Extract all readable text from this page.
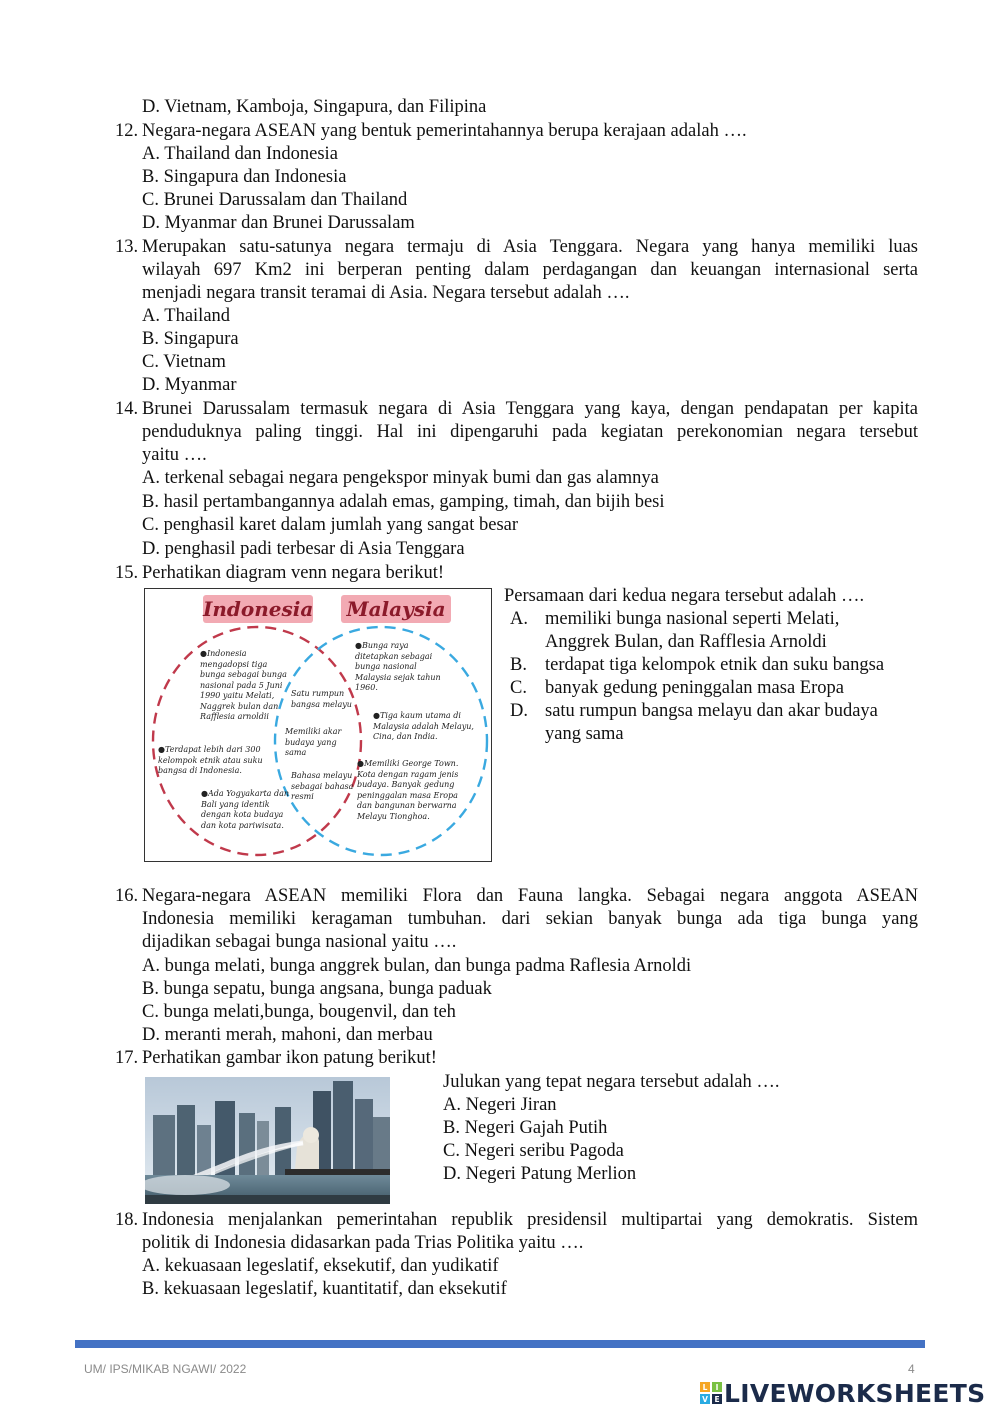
D. Vietnam, Kamboja, Singapura, dan Filipina
12. Negara-negara ASEAN yang bentuk pemerintahannya berupa kerajaan adalah ….
A. Thailand dan Indonesia
B. Singapura dan Indonesia
C. Brunei Darussalam dan Thailand
D. Myanmar dan Brunei Darussalam
13. Merupakan satu-satunya negara termaju di Asia Tenggara. Negara yang hanya memiliki luas
wilayah 697 Km2 ini berperan penting dalam perdagangan dan keuangan internasional serta
menjadi negara transit teramai di Asia. Negara tersebut adalah ….
A. Thailand
B. Singapura
C. Vietnam
D. Myanmar
14. Brunei Darussalam termasuk negara di Asia Tenggara yang kaya, dengan pendapatan per kapita
penduduknya paling tinggi. Hal ini dipengaruhi pada kegiatan perekonomian negara tersebut
yaitu ….
A. terkenal sebagai negara pengekspor minyak bumi dan gas alamnya
B. hasil pertambangannya adalah emas, gamping, timah, dan bijih besi
C. penghasil karet dalam jumlah yang sangat besar
D. penghasil padi terbesar di Asia Tenggara
15. Perhatikan diagram venn negara berikut!
Indonesia Malaysia
●Indonesia
mengadopsi tiga
bunga sebagai bunga
nasional pada 5 Juni
1990 yaitu Melati,
Naggrek bulan dan
Rafflesia arnoldii
●Terdapat lebih dari 300
kelompok etnik atau suku
bangsa di Indonesia.
●Ada Yogyakarta dan
Bali yang identik
dengan kota budaya
dan kota pariwisata.
Satu rumpun
bangsa melayu
Memiliki akar
budaya yang
sama
Bahasa melayu
sebagai bahasa
resmi
●Bunga raya
ditetapkan sebagai
bunga nasional
Malaysia sejak tahun
1960.
●Tiga kaum utama di
Malaysia adalah Melayu,
Cina, dan India.
●Memiliki George Town.
Kota dengan ragam jenis
budaya. Banyak gedung
peninggalan masa Eropa
dan bangunan berwarna
Melayu Tionghoa.
Persamaan dari kedua negara tersebut adalah ….
A. memiliki bunga nasional seperti Melati,
Anggrek Bulan, dan Rafflesia Arnoldi
B. terdapat tiga kelompok etnik dan suku bangsa
C. banyak gedung peninggalan masa Eropa
D. satu rumpun bangsa melayu dan akar budaya
yang sama
16. Negara-negara ASEAN memiliki Flora dan Fauna langka. Sebagai negara anggota ASEAN
Indonesia memiliki keragaman tumbuhan. dari sekian banyak bunga ada tiga bunga yang
dijadikan sebagai bunga nasional yaitu ….
A. bunga melati, bunga anggrek bulan, dan bunga padma Raflesia Arnoldi
B. bunga sepatu, bunga angsana, bunga paduak
C. bunga melati,bunga, bougenvil, dan teh
D. meranti merah, mahoni, dan merbau
17. Perhatikan gambar ikon patung berikut!
Julukan yang tepat negara tersebut adalah ….
A. Negeri Jiran
B. Negeri Gajah Putih
C. Negeri seribu Pagoda
D. Negeri Patung Merlion
18. Indonesia menjalankan pemerintahan republik presidensil multipartai yang demokratis. Sistem
politik di Indonesia didasarkan pada Trias Politika yaitu ….
A. kekuasaan legeslatif, eksekutif, dan yudikatif
B. kekuasaan legeslatif, kuantitatif, dan eksekutif
UM/ IPS/MIKAB NGAWI/ 2022	4
L I
V E LIVEWORKSHEETS
